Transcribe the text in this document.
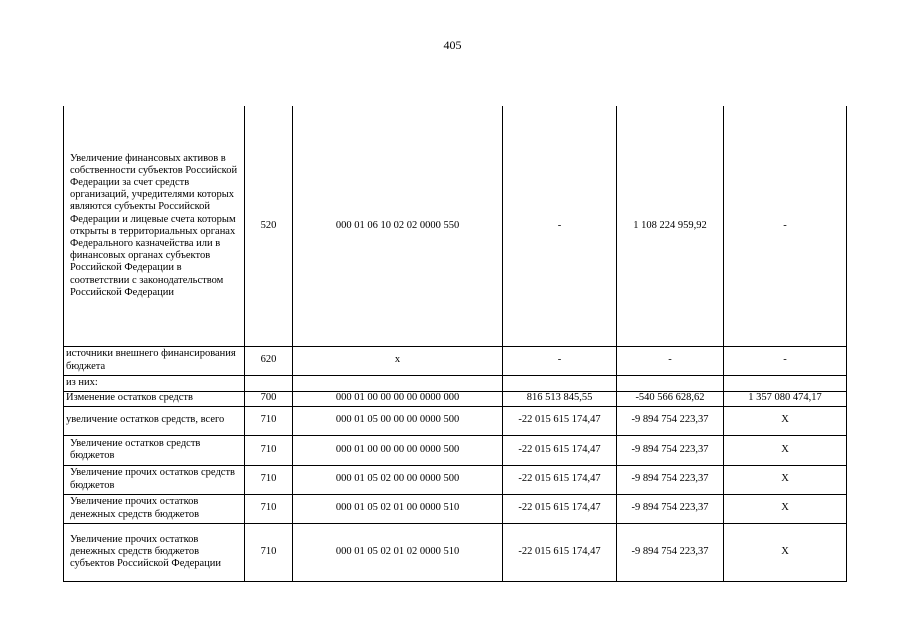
405
Увеличение финансовых активов в собственности субъектов Российской Федерации за счет средств организаций, учредителями которых являются субъекты Российской Федерации и лицевые счета которым открыты в территориальных органах Федерального казначейства или в финансовых органах субъектов Российской Федерации в соответствии с законодательством Российской Федерации	520	000 01 06 10 02 02 0000 550	-	1 108 224 959,92	-
источники внешнего финансирования бюджета	620	x	-	-	-
из них:					
Изменение остатков средств	700	000 01 00 00 00 00 0000 000	816 513 845,55	-540 566 628,62	1 357 080 474,17
увеличение остатков средств, всего	710	000 01 05 00 00 00 0000 500	-22 015 615 174,47	-9 894 754 223,37	Х
Увеличение остатков средств бюджетов	710	000 01 00 00 00 00 0000 500	-22 015 615 174,47	-9 894 754 223,37	Х
Увеличение прочих остатков средств бюджетов	710	000 01 05 02 00 00 0000 500	-22 015 615 174,47	-9 894 754 223,37	Х
Увеличение прочих остатков денежных средств бюджетов	710	000 01 05 02 01 00 0000 510	-22 015 615 174,47	-9 894 754 223,37	Х
Увеличение прочих остатков денежных средств бюджетов субъектов Российской Федерации	710	000 01 05 02 01 02 0000 510	-22 015 615 174,47	-9 894 754 223,37	Х
